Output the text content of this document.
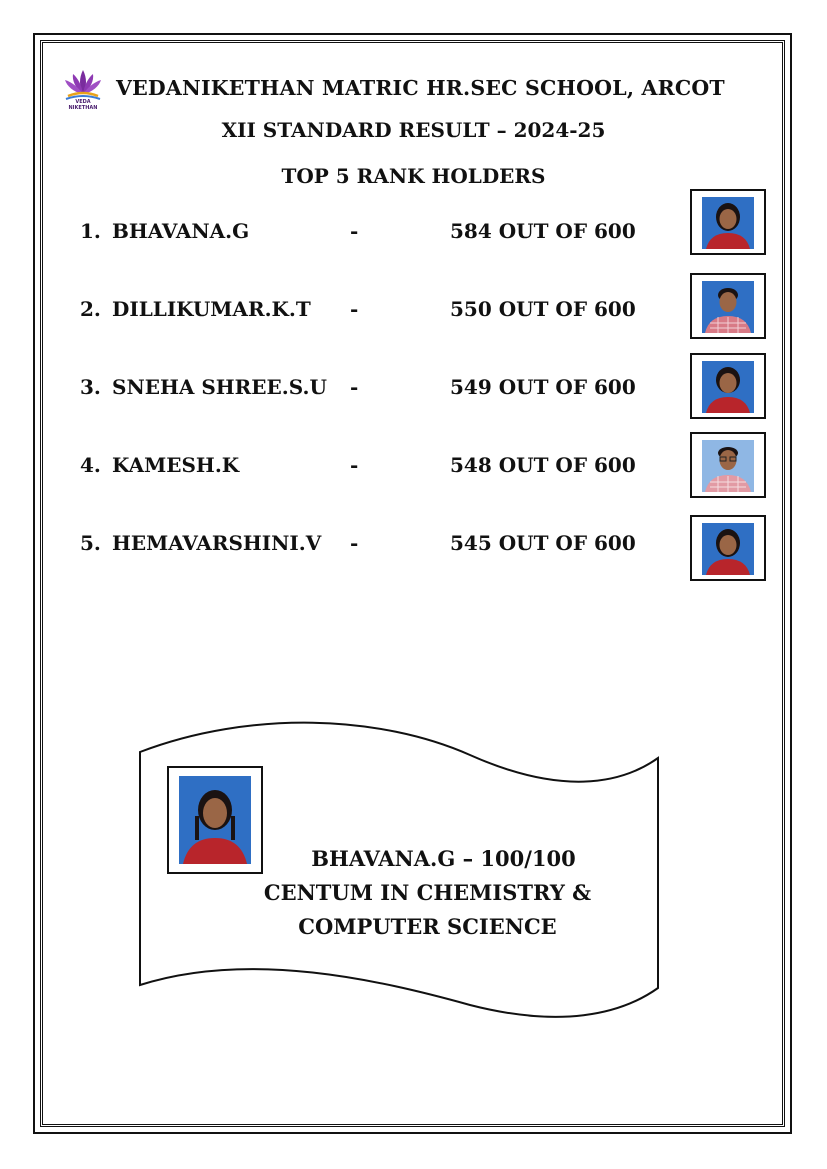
VEDA NIKETHAN
VEDANIKETHAN MATRIC HR.SEC SCHOOL, ARCOT
XII STANDARD RESULT – 2024-25
TOP 5 RANK HOLDERS
1. BHAVANA.G	-	584 OUT OF 600
2. DILLIKUMAR.K.T -	550 OUT OF 600
3. SNEHA SHREE.S.U -	549 OUT OF 600
4. KAMESH.K	-	548 OUT OF 600
5. HEMAVARSHINI.V -	545 OUT OF 600
BHAVANA.G – 100/100
CENTUM IN CHEMISTRY &
COMPUTER SCIENCE
